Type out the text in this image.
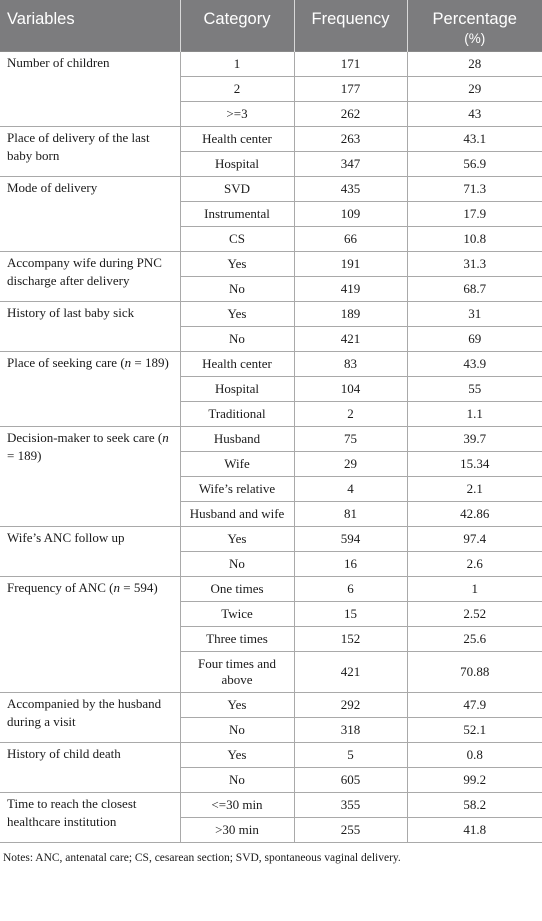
Variables	Category	Frequency	Percentage
(%)

Number of children	1	171	28
	2	177	29
	>=3	262	43
Place of delivery of the last baby born	Health center	263	43.1
	Hospital	347	56.9
Mode of delivery	SVD	435	71.3
	Instrumental	109	17.9
	CS	66	10.8
Accompany wife during PNC discharge after delivery	Yes	191	31.3
	No	419	68.7
History of last baby sick	Yes	189	31
	No	421	69
Place of seeking care (n = 189)	Health center	83	43.9
	Hospital	104	55
	Traditional	2	1.1
Decision-maker to seek care (n = 189)	Husband	75	39.7
	Wife	29	15.34
	Wife’s relative	4	2.1
	Husband and wife	81	42.86
Wife’s ANC follow up	Yes	594	97.4
	No	16	2.6
Frequency of ANC (n = 594)	One times	6	1
	Twice	15	2.52
	Three times	152	25.6
	Four times and above	421	70.88
Accompanied by the husband during a visit	Yes	292	47.9
	No	318	52.1
History of child death	Yes	5	0.8
	No	605	99.2
Time to reach the closest healthcare institution	<=30 min	355	58.2
	>30 min	255	41.8
Notes: ANC, antenatal care; CS, cesarean section; SVD, spontaneous vaginal delivery.
